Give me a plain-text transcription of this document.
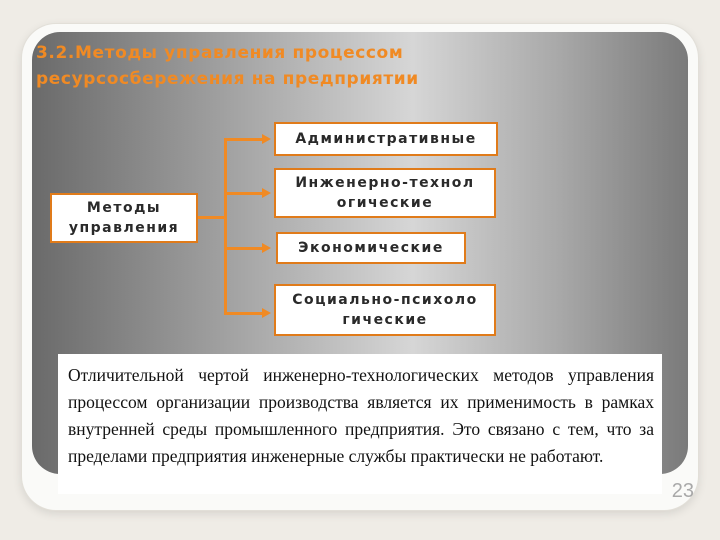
3.2.Методы управления процессом
ресурсосбережения на предприятии
Методы управления
Административные
Инженерно-технол огические
Экономические
Социально-психоло гические
Отличительной чертой инженерно-технологических методов управления процессом организации производства является их применимость в рамках внутренней среды промышленного предприятия. Это связано с тем, что за пределами предприятия инженерные службы практически не работают.
23
